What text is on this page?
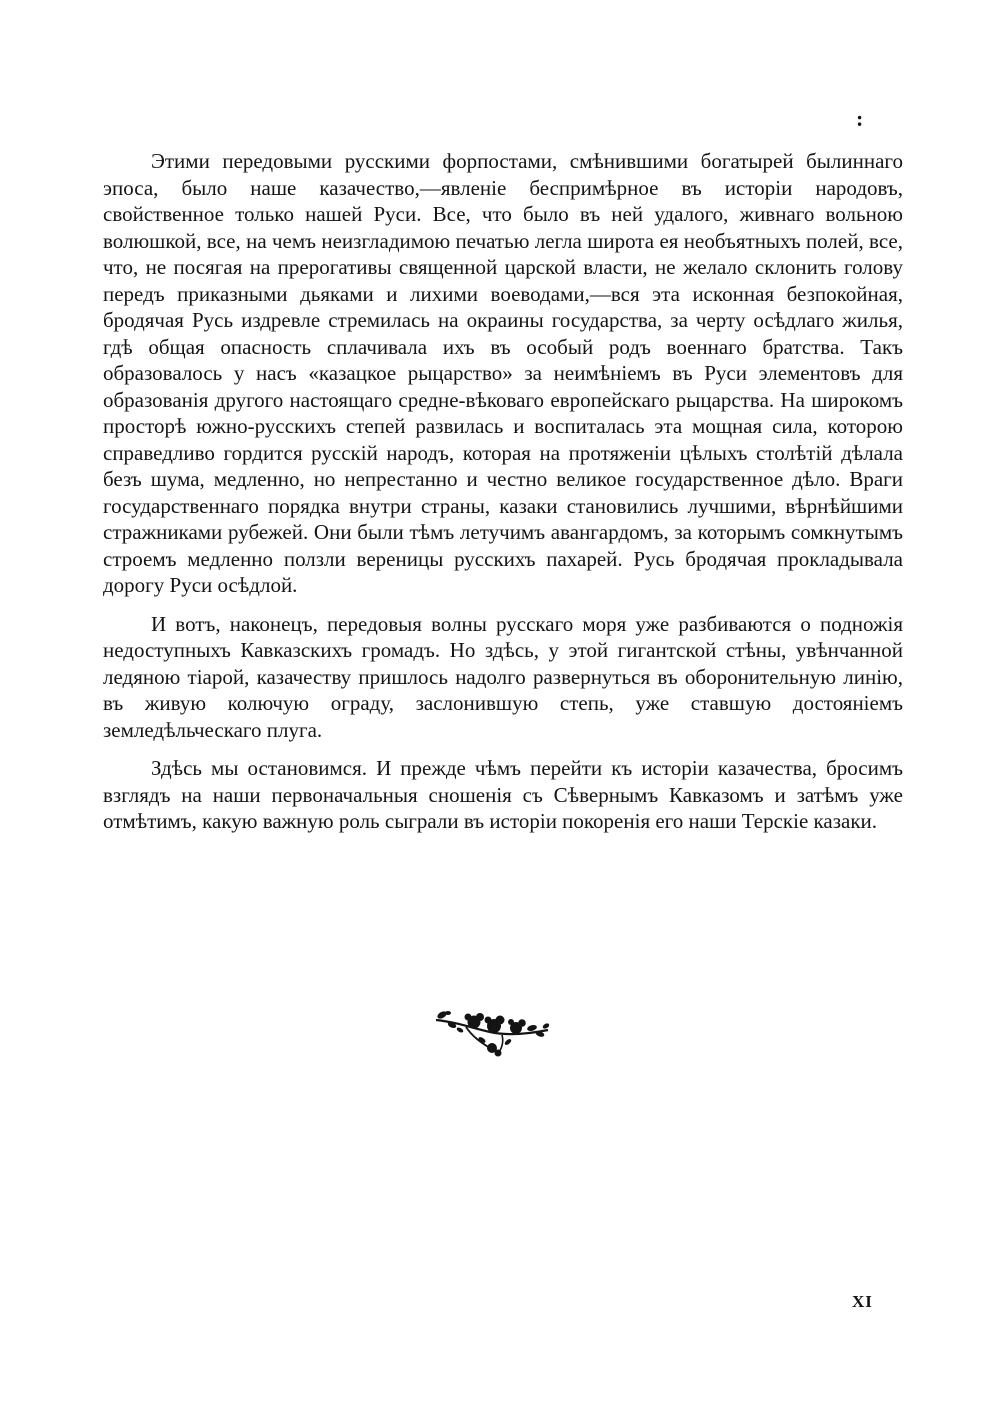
:

Этими передовыми русскими форпостами, смѣнившими богатырей былиннаго эпоса, было наше казачество,—явленіе беспримѣрное въ исторіи народовъ, свойственное только нашей Руси. Все, что было въ ней удалого, живнаго вольною волюшкой, все, на чемъ неизгладимою печатью легла широта ея необъятныхъ полей, все, что, не посягая на прерогативы священной царской власти, не желало склонить голову передъ приказными дьяками и лихими воеводами,—вся эта исконная безпокойная, бродячая Русь издревле стремилась на окраины государства, за черту осѣдлаго жилья, гдѣ общая опасность сплачивала ихъ въ особый родъ военнаго братства. Такъ образовалось у насъ «казацкое рыцарство» за неимѣніемъ въ Руси элементовъ для образованія другого настоящаго средне-вѣковаго европейскаго рыцарства. На широкомъ просторѣ южно-русскихъ степей развилась и воспиталась эта мощная сила, которою справедливо гордится русскій народъ, которая на протяженіи цѣлыхъ столѣтій дѣлала безъ шума, медленно, но непрестанно и честно великое государственное дѣло. Враги государственнаго порядка внутри страны, казаки становились лучшими, вѣрнѣйшими стражниками рубежей. Они были тѣмъ летучимъ авангардомъ, за которымъ сомкнутымъ строемъ медленно ползли вереницы русскихъ пахарей. Русь бродячая прокладывала дорогу Руси осѣдлой.

И вотъ, наконецъ, передовыя волны русскаго моря уже разбиваются о подножія недоступныхъ Кавказскихъ громадъ. Но здѣсь, у этой гигантской стѣны, увѣнчанной ледяною тіарой, казачеству пришлось надолго развернуться въ оборонительную линію, въ живую колючую ограду, заслонившую степь, уже ставшую достояніемъ земледѣльческаго плуга.

Здѣсь мы остановимся. И прежде чѣмъ перейти къ исторіи казачества, бросимъ взглядъ на наши первоначальныя сношенія съ Сѣвернымъ Кавказомъ и затѣмъ уже отмѣтимъ, какую важную роль сыграли въ исторіи покоренія его наши Терскіе казаки.

XI
